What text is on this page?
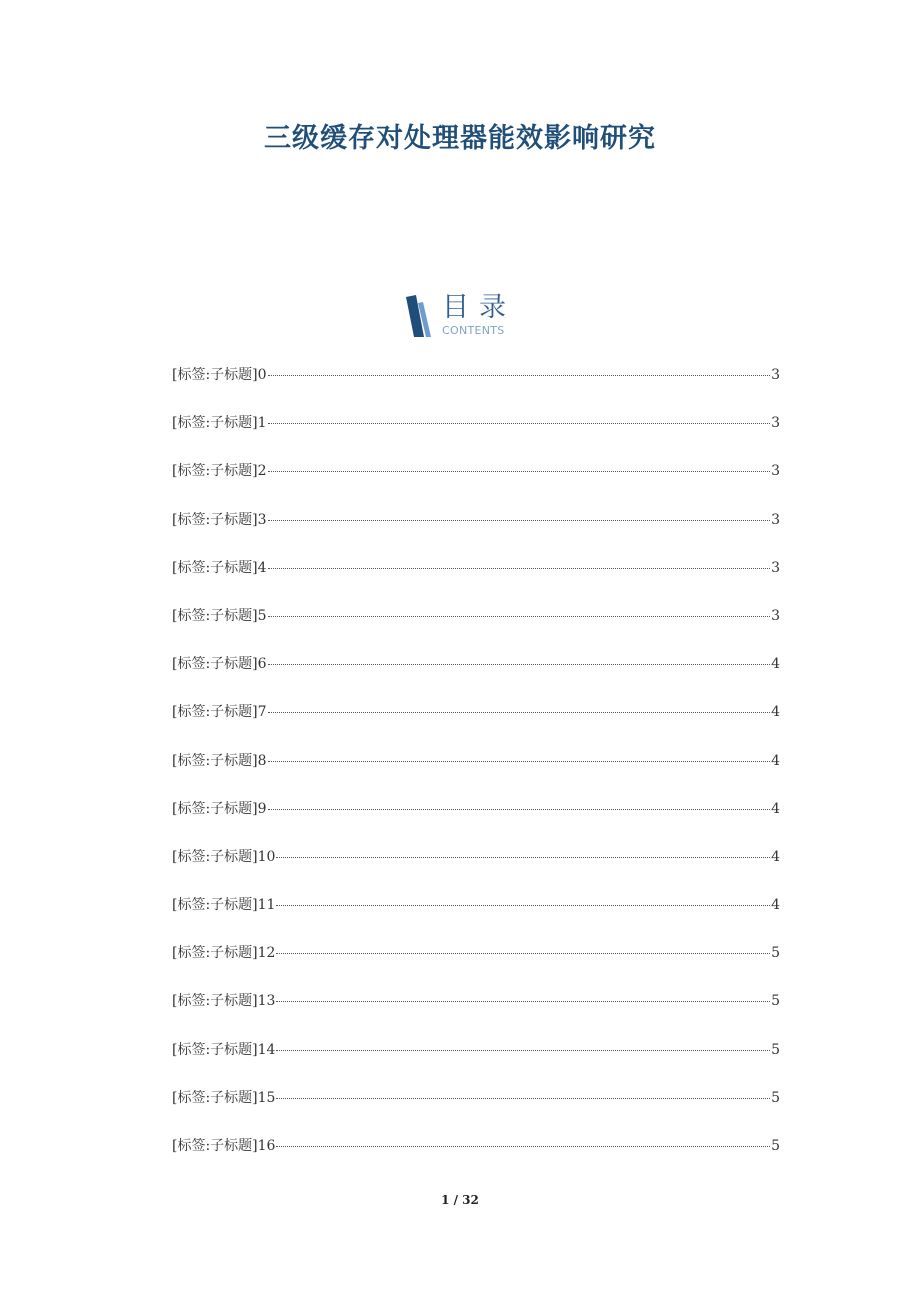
三级缓存对处理器能效影响研究
目录
CONTENTS
[标签:子标题]0	3
[标签:子标题]1	3
[标签:子标题]2	3
[标签:子标题]3	3
[标签:子标题]4	3
[标签:子标题]5	3
[标签:子标题]6	4
[标签:子标题]7	4
[标签:子标题]8	4
[标签:子标题]9	4
[标签:子标题]10	4
[标签:子标题]11	4
[标签:子标题]12	5
[标签:子标题]13	5
[标签:子标题]14	5
[标签:子标题]15	5
[标签:子标题]16	5
1 / 32
